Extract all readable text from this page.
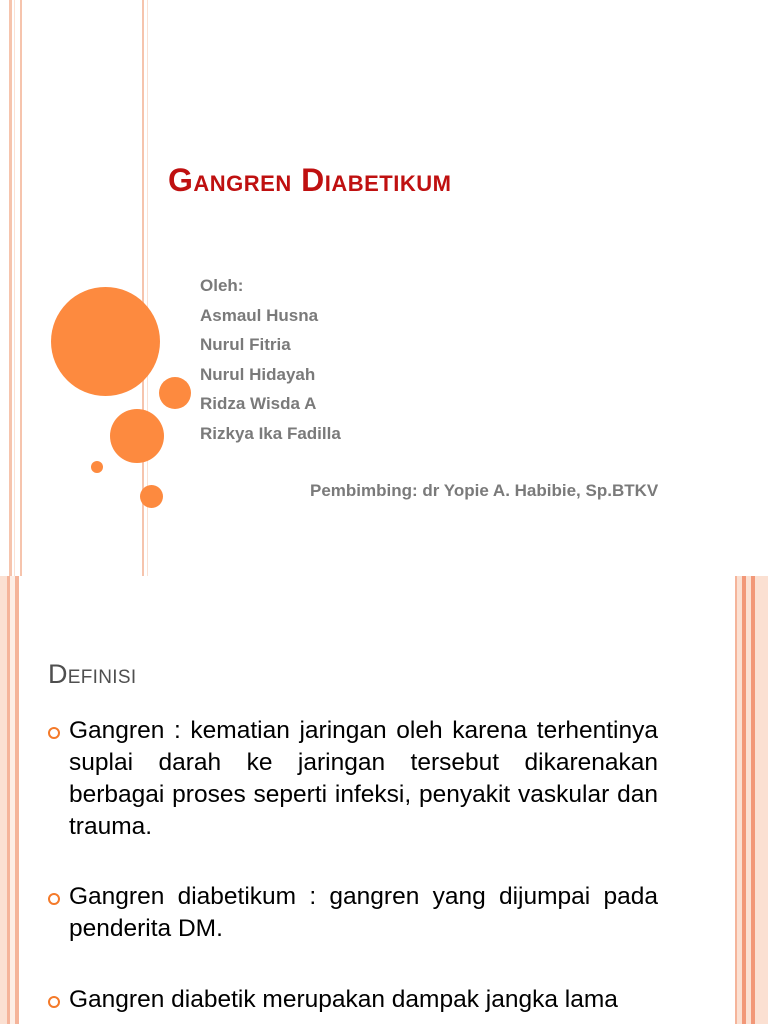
Gangren Diabetikum
Oleh:
Asmaul Husna
Nurul Fitria
Nurul Hidayah
Ridza Wisda A
Rizkya Ika Fadilla
Pembimbing: dr Yopie A. Habibie, Sp.BTKV
Definisi
Gangren : kematian jaringan oleh karena terhentinya suplai darah ke jaringan tersebut dikarenakan berbagai proses seperti infeksi, penyakit vaskular dan trauma.
Gangren diabetikum : gangren yang dijumpai pada penderita DM.
Gangren diabetik merupakan dampak jangka lama
